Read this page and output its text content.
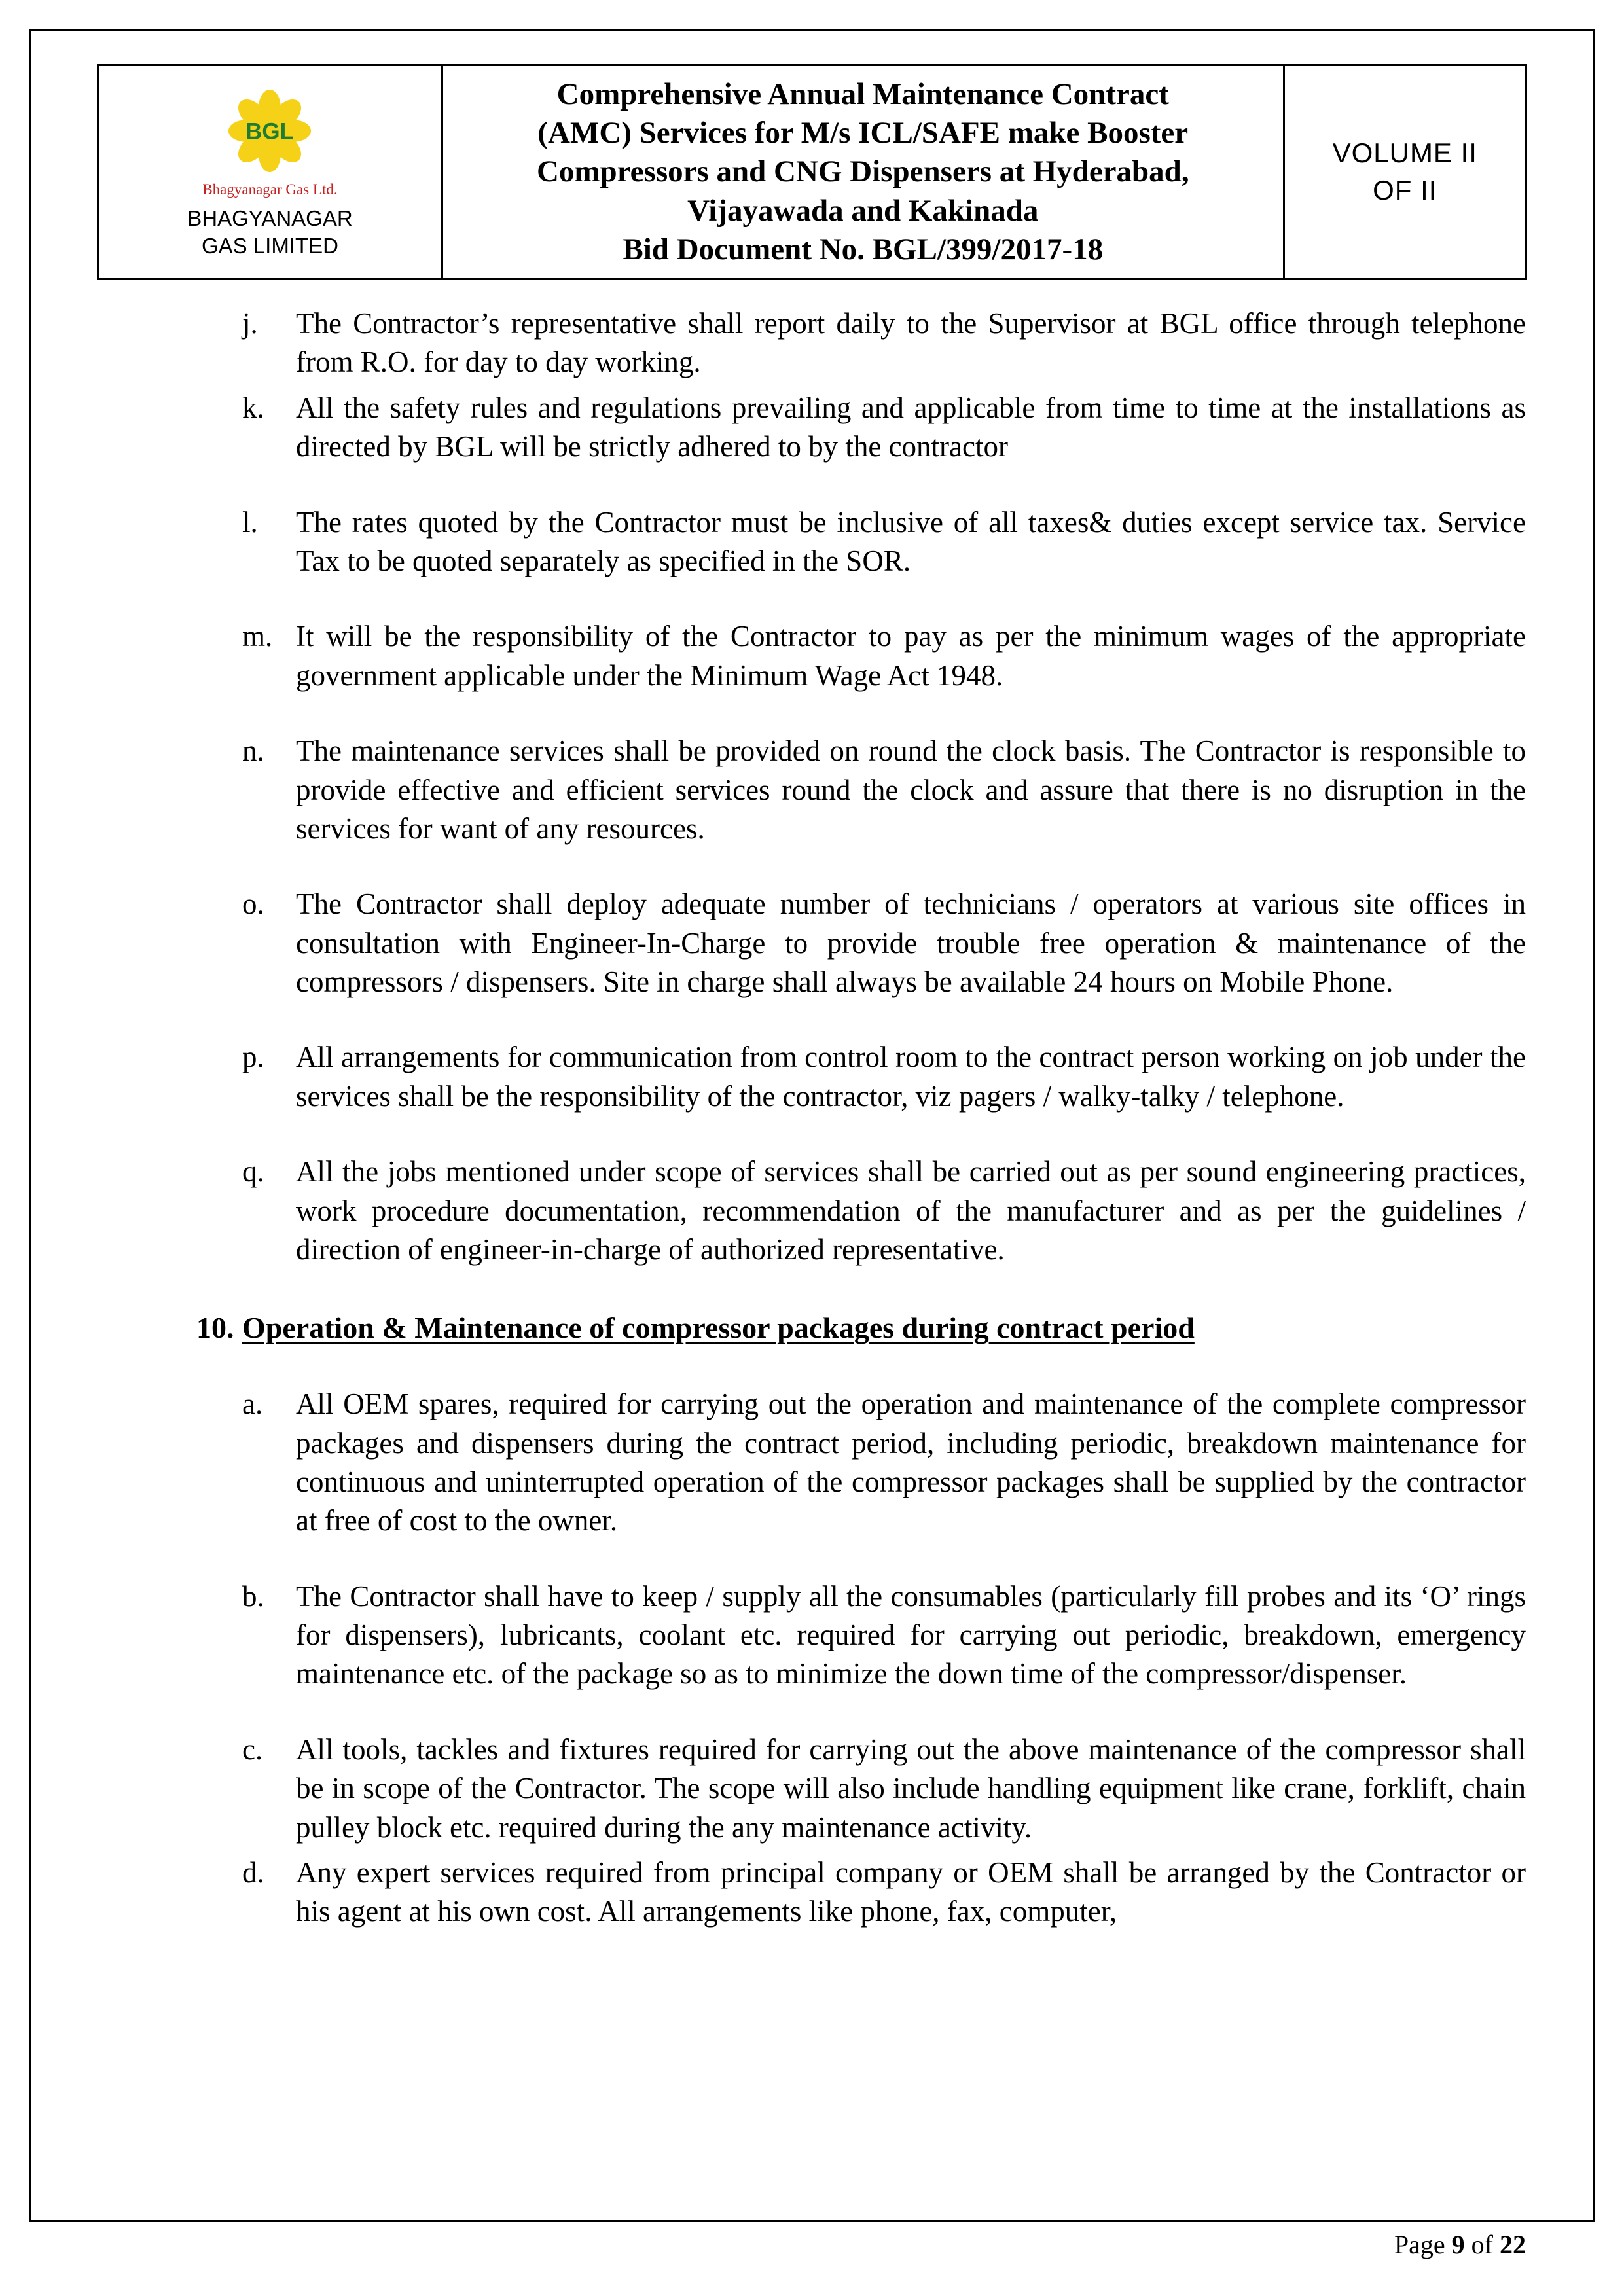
BGL
Bhagyanagar Gas Ltd.
BHAGYANAGAR GAS LIMITED
Comprehensive Annual Maintenance Contract
(AMC) Services for M/s ICL/SAFE make Booster
Compressors and CNG Dispensers at Hyderabad,
Vijayawada and Kakinada
Bid Document No. BGL/399/2017-18
VOLUME II
OF II
j.	The Contractor’s representative shall report daily to the Supervisor at BGL office through telephone from R.O. for day to day working.
k.	All the safety rules and regulations prevailing and applicable from time to time at the installations as directed by BGL will be strictly adhered to by the contractor
l.	The rates quoted by the Contractor must be inclusive of all taxes& duties except service tax. Service Tax to be quoted separately as specified in the SOR.
m. It will be the responsibility of the Contractor to pay as per the minimum wages of the appropriate government applicable under the Minimum Wage Act 1948.
n.	The maintenance services shall be provided on round the clock basis. The Contractor is responsible to provide effective and efficient services round the clock and assure that there is no disruption in the services for want of any resources.
o.	The Contractor shall deploy adequate number of technicians / operators at various site offices in consultation with Engineer-In-Charge to provide trouble free operation & maintenance of the compressors / dispensers. Site in charge shall always be available 24 hours on Mobile Phone.
p.	All arrangements for communication from control room to the contract person working on job under the services shall be the responsibility of the contractor, viz pagers / walky-talky / telephone.
q.	All the jobs mentioned under scope of services shall be carried out as per sound engineering practices, work procedure documentation, recommendation of the manufacturer and as per the guidelines / direction of engineer-in-charge of authorized representative.
10. Operation & Maintenance of compressor packages during contract period
a.	All OEM spares, required for carrying out the operation and maintenance of the complete compressor packages and dispensers during the contract period, including periodic, breakdown maintenance for continuous and uninterrupted operation of the compressor packages shall be supplied by the contractor at free of cost to the owner.
b.	The Contractor shall have to keep / supply all the consumables (particularly fill probes and its ‘O’ rings for dispensers), lubricants, coolant etc. required for carrying out periodic, breakdown, emergency maintenance etc. of the package so as to minimize the down time of the compressor/dispenser.
c.	All tools, tackles and fixtures required for carrying out the above maintenance of the compressor shall be in scope of the Contractor. The scope will also include handling equipment like crane, forklift, chain pulley block etc. required during the any maintenance activity.
d.	Any expert services required from principal company or OEM shall be arranged by the Contractor or his agent at his own cost. All arrangements like phone, fax, computer,
Page 9 of 22
